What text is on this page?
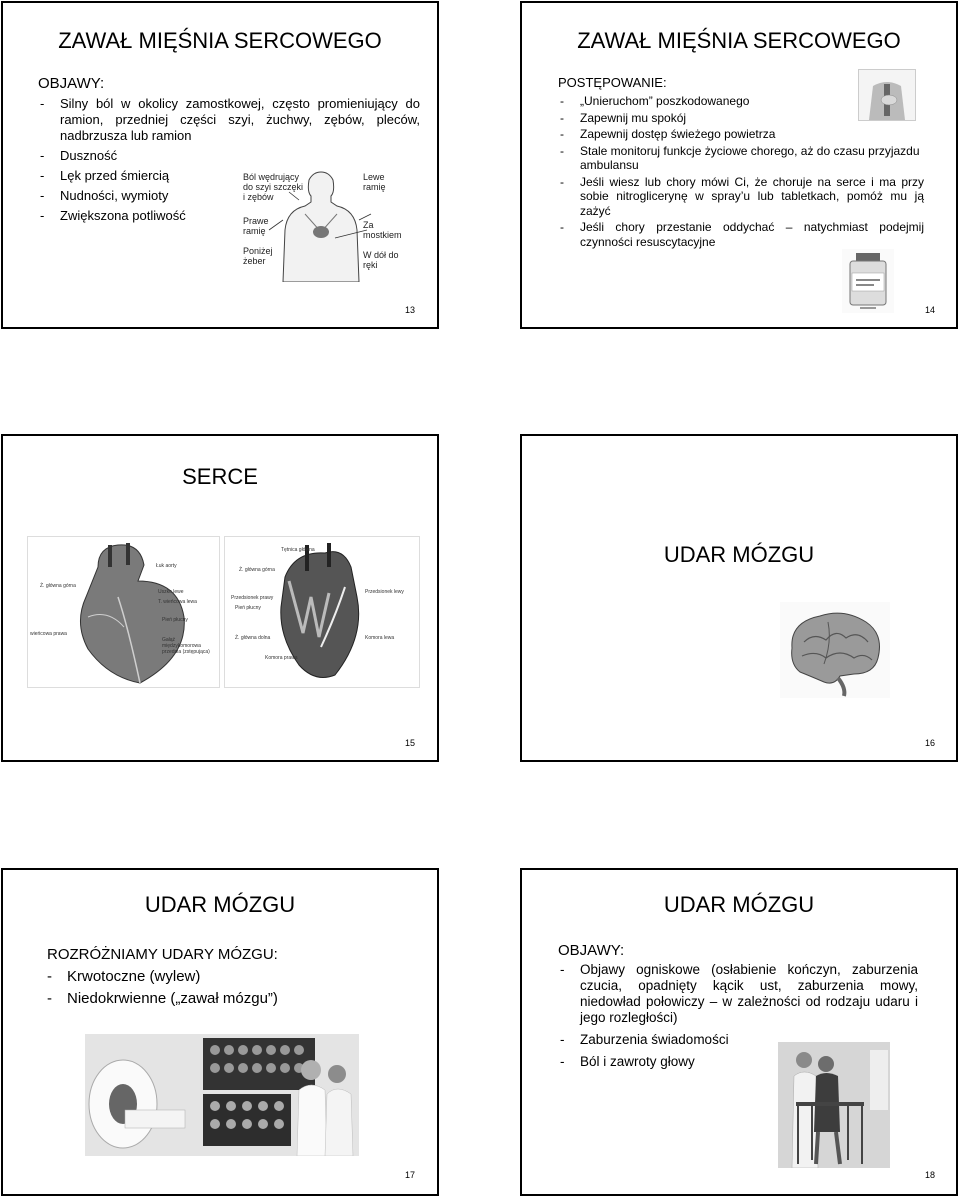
ZAWAŁ MIĘŚNIA SERCOWEGO
OBJAWY:
- Silny ból w okolicy zamostkowej, często promieniujący do ramion, przedniej części szyi, żuchwy, zębów, pleców, nadbrzusza lub ramion
- Duszność
- Lęk przed śmiercią
- Nudności, wymioty
- Zwiększona potliwość
Ból wędrujący do szyi szczęki i zębów
Lewe ramię
Prawe ramię
Za mostkiem
Poniżej żeber
W dół do ręki
13
ZAWAŁ MIĘŚNIA SERCOWEGO
POSTĘPOWANIE:
- „Unieruchom” poszkodowanego
- Zapewnij mu spokój
- Zapewnij dostęp świeżego powietrza
- Stale monitoruj funkcje życiowe chorego, aż do czasu przyjazdu ambulansu
- Jeśli wiesz lub chory mówi Ci, że choruje na serce i ma przy sobie nitroglicerynę w spray’u lub tabletkach, pomóż mu ją zażyć
- Jeśli chory przestanie oddychać – natychmiast podejmij czynności resuscytacyjne
14
SERCE
Łuk aorty
Ż. główna górna
Uszko lewe
T. wieńcowa lewa
Pień płucny
wieńcowa prawa
Gałąź międzykomorowa przednia (zstępująca)
Tętnica główna
Ż. główna górna
Przedsionek prawy
Pień płucny
Przedsionek lewy
Ż. główna dolna	Komora lewa
Komora prawa
15
UDAR MÓZGU
16
UDAR MÓZGU
ROZRÓŻNIAMY UDARY MÓZGU:
- Krwotoczne (wylew)
- Niedokrwienne („zawał mózgu”)
17
UDAR MÓZGU
OBJAWY:
- Objawy ogniskowe (osłabienie kończyn, zaburzenia czucia, opadnięty kącik ust, zaburzenia mowy, niedowład połowiczy – w zależności od rodzaju udaru i jego rozległości)
- Zaburzenia świadomości
- Ból i zawroty głowy
18
